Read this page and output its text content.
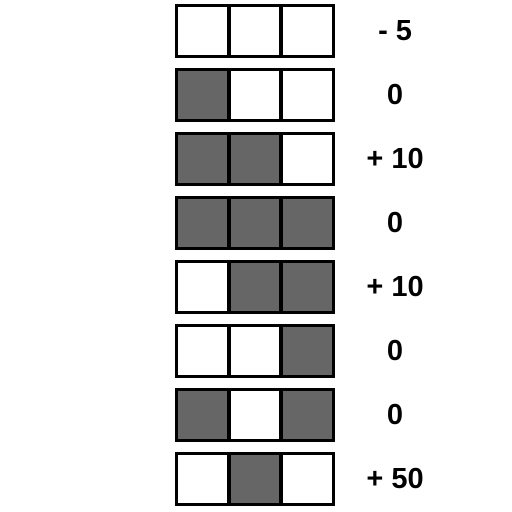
- 5
0
+ 10
0
+ 10
0
0
+ 50
